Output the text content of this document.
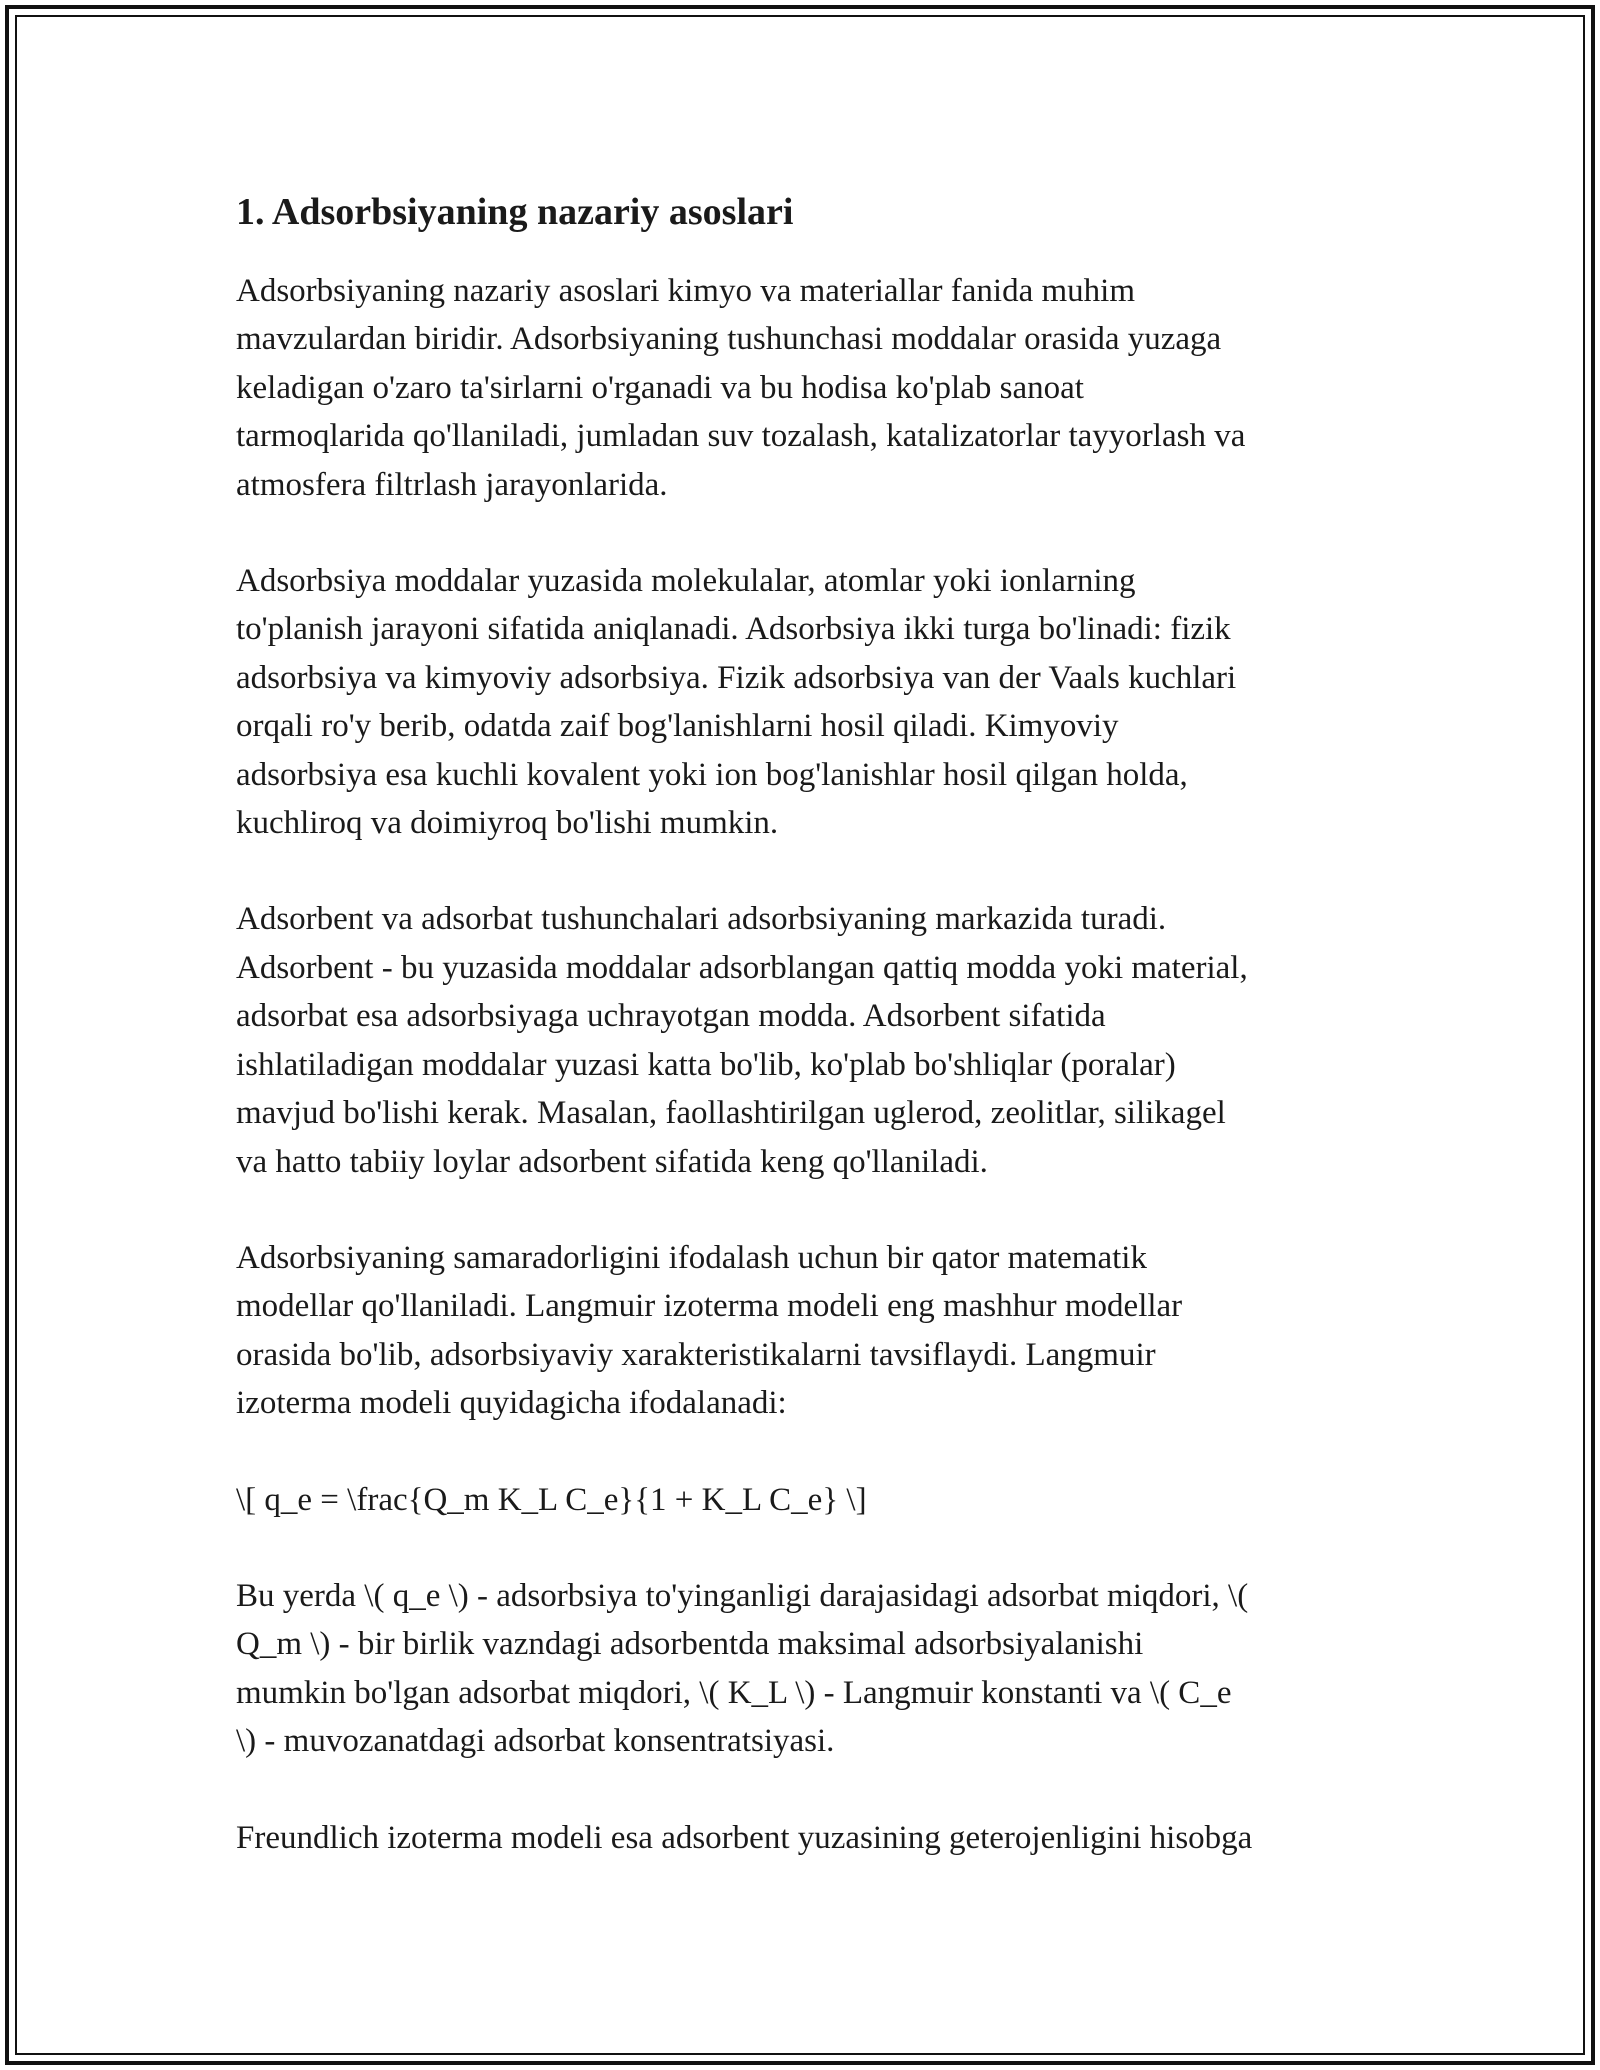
1. Adsorbsiyaning nazariy asoslari
Adsorbsiyaning nazariy asoslari kimyo va materiallar fanida muhim
mavzulardan biridir. Adsorbsiyaning tushunchasi moddalar orasida yuzaga
keladigan o'zaro ta'sirlarni o'rganadi va bu hodisa ko'plab sanoat
tarmoqlarida qo'llaniladi, jumladan suv tozalash, katalizatorlar tayyorlash va
atmosfera filtrlash jarayonlarida.
Adsorbsiya moddalar yuzasida molekulalar, atomlar yoki ionlarning
to'planish jarayoni sifatida aniqlanadi. Adsorbsiya ikki turga bo'linadi: fizik
adsorbsiya va kimyoviy adsorbsiya. Fizik adsorbsiya van der Vaals kuchlari
orqali ro'y berib, odatda zaif bog'lanishlarni hosil qiladi. Kimyoviy
adsorbsiya esa kuchli kovalent yoki ion bog'lanishlar hosil qilgan holda,
kuchliroq va doimiyroq bo'lishi mumkin.
Adsorbent va adsorbat tushunchalari adsorbsiyaning markazida turadi.
Adsorbent - bu yuzasida moddalar adsorblangan qattiq modda yoki material,
adsorbat esa adsorbsiyaga uchrayotgan modda. Adsorbent sifatida
ishlatiladigan moddalar yuzasi katta bo'lib, ko'plab bo'shliqlar (poralar)
mavjud bo'lishi kerak. Masalan, faollashtirilgan uglerod, zeolitlar, silikagel
va hatto tabiiy loylar adsorbent sifatida keng qo'llaniladi.
Adsorbsiyaning samaradorligini ifodalash uchun bir qator matematik
modellar qo'llaniladi. Langmuir izoterma modeli eng mashhur modellar
orasida bo'lib, adsorbsiyaviy xarakteristikalarni tavsiflaydi. Langmuir
izoterma modeli quyidagicha ifodalanadi:
\[ q_e = \frac{Q_m K_L C_e}{1 + K_L C_e} \]
Bu yerda \( q_e \) - adsorbsiya to'yinganligi darajasidagi adsorbat miqdori, \(
Q_m \) - bir birlik vazndagi adsorbentda maksimal adsorbsiyalanishi
mumkin bo'lgan adsorbat miqdori, \( K_L \) - Langmuir konstanti va \( C_e
\) - muvozanatdagi adsorbat konsentratsiyasi.
Freundlich izoterma modeli esa adsorbent yuzasining geterojenligini hisobga
